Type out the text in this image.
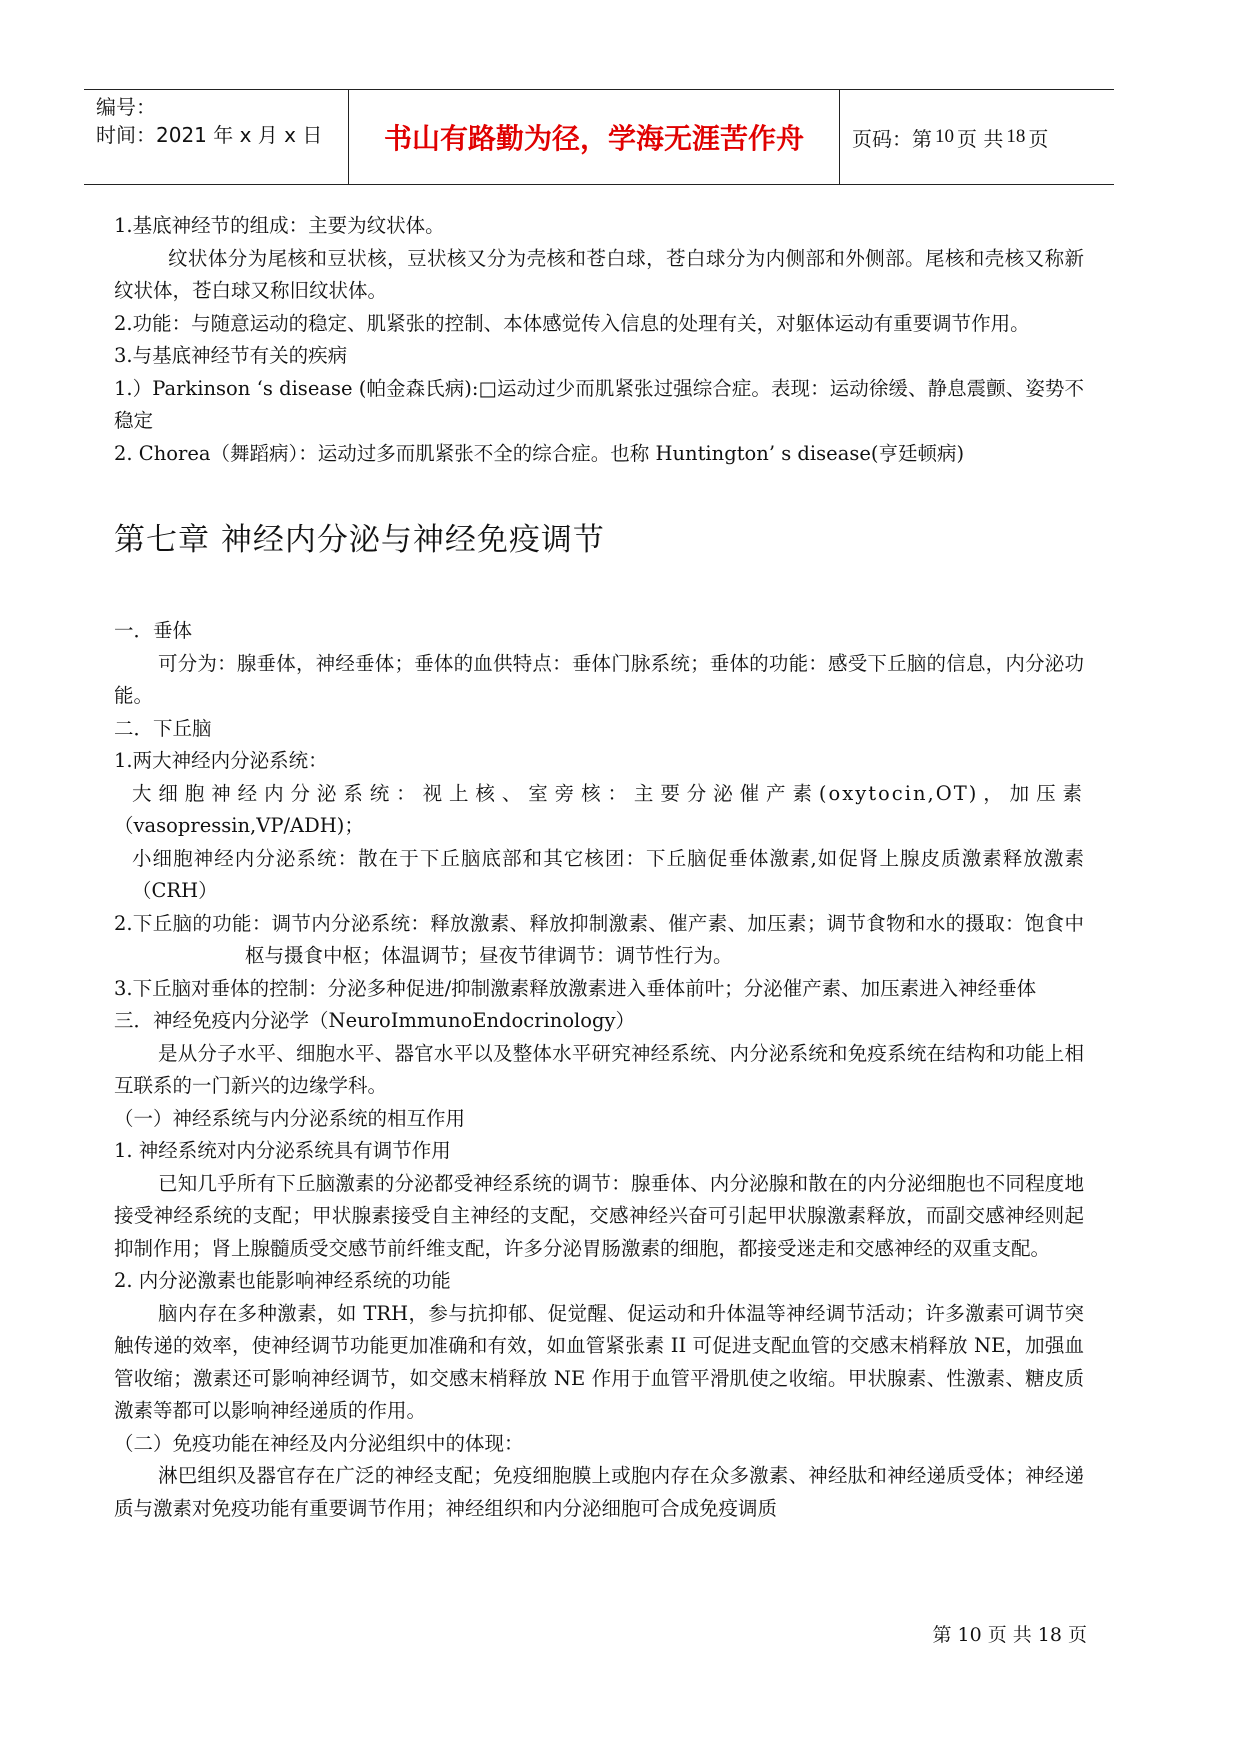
编号：
时间：2021 年 x 月 x 日	书山有路勤为径，学海无涯苦作舟	页码：第 10 页 共 18 页

1.基底神经节的组成：主要为纹状体。

纹状体分为尾核和豆状核，豆状核又分为壳核和苍白球，苍白球分为内侧部和外侧部。尾核和壳核又称新纹状体，苍白球又称旧纹状体。

2.功能：与随意运动的稳定、肌紧张的控制、本体感觉传入信息的处理有关，对躯体运动有重要调节作用。

3.与基底神经节有关的疾病

1.）Parkinson ‘s disease (帕金森氏病):□运动过少而肌紧张过强综合症。表现：运动徐缓、静息震颤、姿势不稳定

2. Chorea（舞蹈病）：运动过多而肌紧张不全的综合症。也称 Huntington’ s disease(亨廷顿病)

第七章 神经内分泌与神经免疫调节

一．垂体

可分为：腺垂体，神经垂体；垂体的血供特点：垂体门脉系统；垂体的功能：感受下丘脑的信息，内分泌功能。

二．下丘脑

1.两大神经内分泌系统：

大细胞神经内分泌系统：视上核、室旁核：主要分泌催产素(oxytocin,OT)，加压素

（vasopressin,VP/ADH)；

小细胞神经内分泌系统：散在于下丘脑底部和其它核团：下丘脑促垂体激素,如促肾上腺皮质激素释放激素（CRH）

2.下丘脑的功能：调节内分泌系统：释放激素、释放抑制激素、催产素、加压素；调节食物和水的摄取：饱食中枢与摄食中枢；体温调节；昼夜节律调节：调节性行为。

3.下丘脑对垂体的控制：分泌多种促进/抑制激素释放激素进入垂体前叶；分泌催产素、加压素进入神经垂体

三．神经免疫内分泌学（NeuroImmunoEndocrinology）

是从分子水平、细胞水平、器官水平以及整体水平研究神经系统、内分泌系统和免疫系统在结构和功能上相互联系的一门新兴的边缘学科。

（一）神经系统与内分泌系统的相互作用

1. 神经系统对内分泌系统具有调节作用

已知几乎所有下丘脑激素的分泌都受神经系统的调节：腺垂体、内分泌腺和散在的内分泌细胞也不同程度地接受神经系统的支配；甲状腺素接受自主神经的支配，交感神经兴奋可引起甲状腺激素释放，而副交感神经则起抑制作用；肾上腺髓质受交感节前纤维支配，许多分泌胃肠激素的细胞，都接受迷走和交感神经的双重支配。

2. 内分泌激素也能影响神经系统的功能

脑内存在多种激素，如 TRH，参与抗抑郁、促觉醒、促运动和升体温等神经调节活动；许多激素可调节突触传递的效率，使神经调节功能更加准确和有效，如血管紧张素 II 可促进支配血管的交感末梢释放 NE，加强血管收缩；激素还可影响神经调节，如交感末梢释放 NE 作用于血管平滑肌使之收缩。甲状腺素、性激素、糖皮质激素等都可以影响神经递质的作用。

（二）免疫功能在神经及内分泌组织中的体现：

淋巴组织及器官存在广泛的神经支配；免疫细胞膜上或胞内存在众多激素、神经肽和神经递质受体；神经递质与激素对免疫功能有重要调节作用；神经组织和内分泌细胞可合成免疫调质

第 10 页 共 18 页
